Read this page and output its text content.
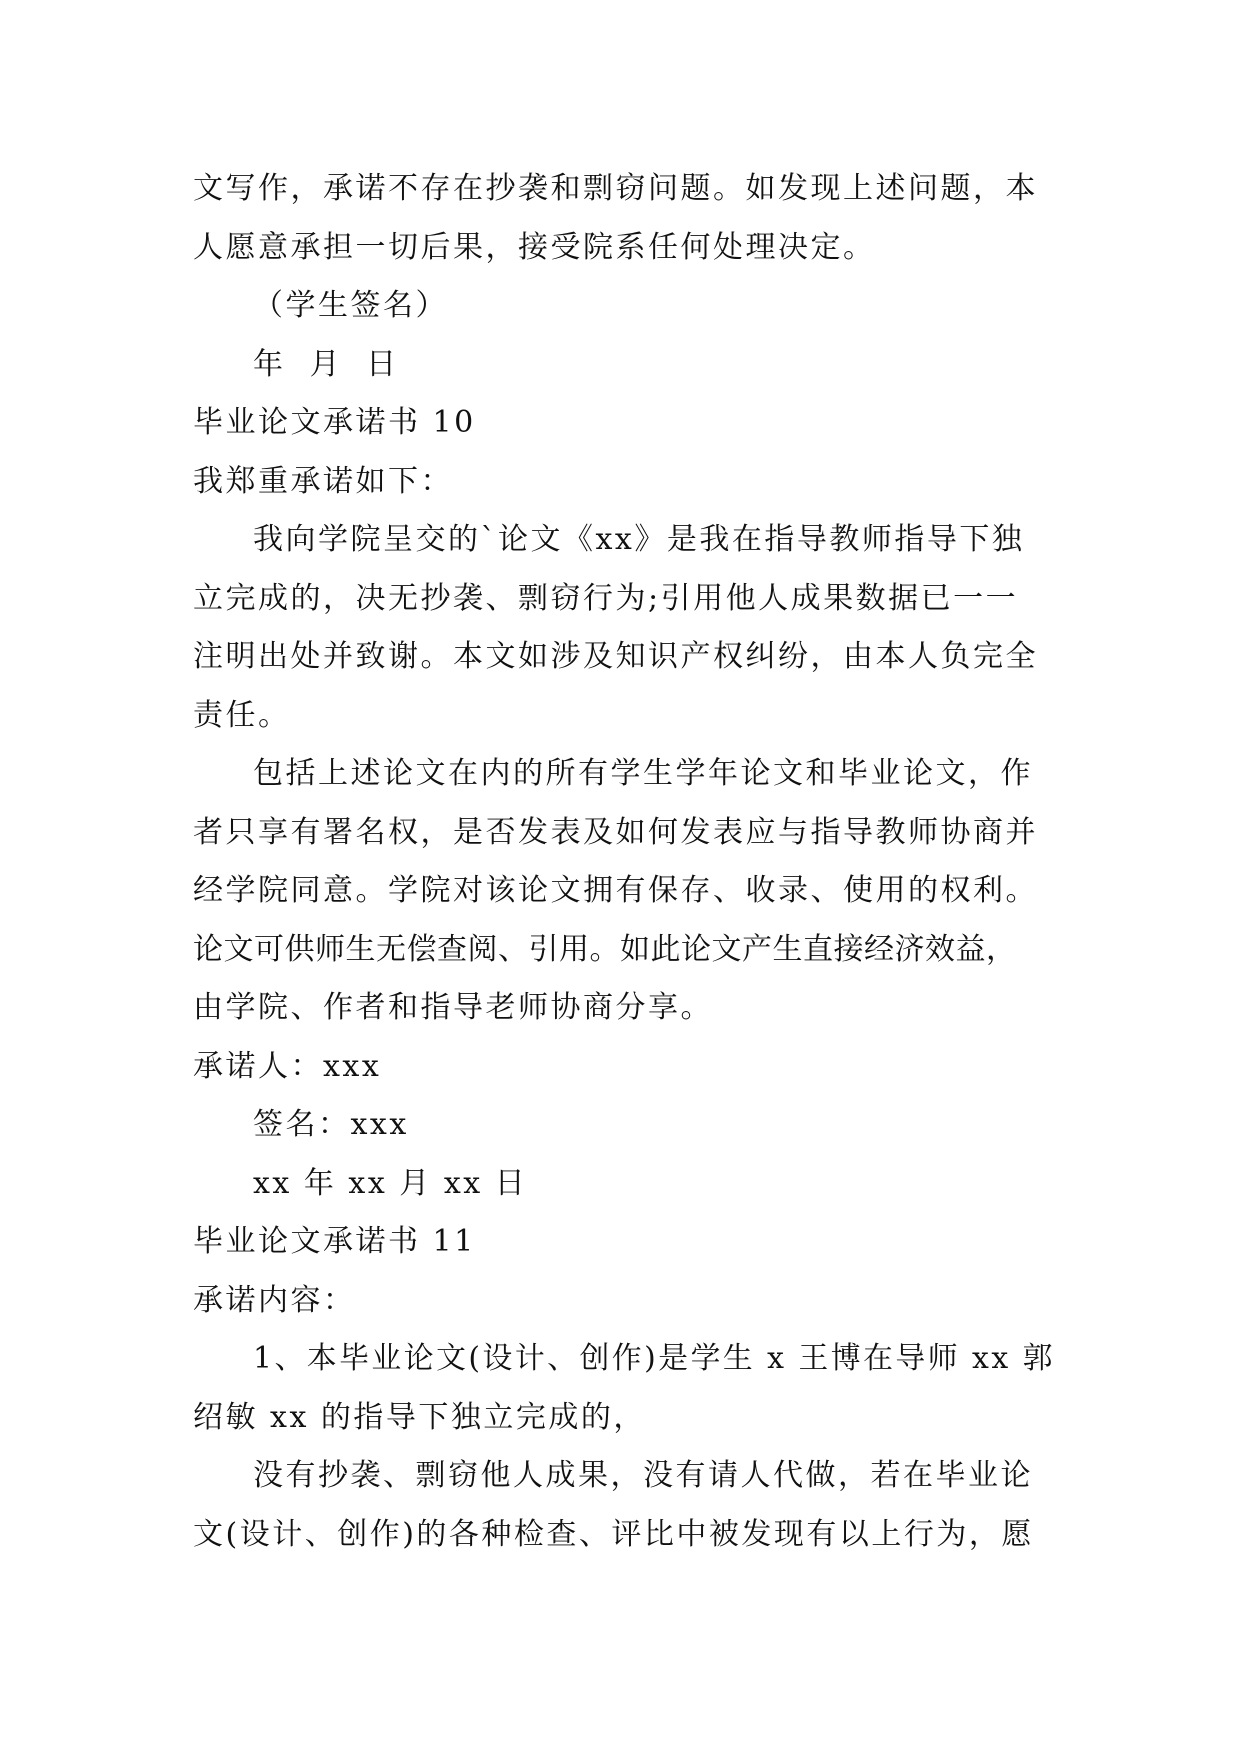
文写作，承诺不存在抄袭和剽窃问题。如发现上述问题，本
人愿意承担一切后果，接受院系任何处理决定。
（学生签名）
年  月  日
毕业论文承诺书 10
我郑重承诺如下：
我向学院呈交的`论文《xx》是我在指导教师指导下独
立完成的，决无抄袭、剽窃行为;引用他人成果数据已一一
注明出处并致谢。本文如涉及知识产权纠纷，由本人负完全
责任。
包括上述论文在内的所有学生学年论文和毕业论文，作
者只享有署名权，是否发表及如何发表应与指导教师协商并
经学院同意。学院对该论文拥有保存、收录、使用的权利。
论文可供师生无偿查阅、引用。如此论文产生直接经济效益，
由学院、作者和指导老师协商分享。
承诺人：xxx
签名：xxx
xx 年 xx 月 xx 日
毕业论文承诺书 11
承诺内容：
1、本毕业论文(设计、创作)是学生 x 王博在导师 xx 郭
绍敏 xx 的指导下独立完成的，
没有抄袭、剽窃他人成果，没有请人代做，若在毕业论
文(设计、创作)的各种检查、评比中被发现有以上行为，愿
